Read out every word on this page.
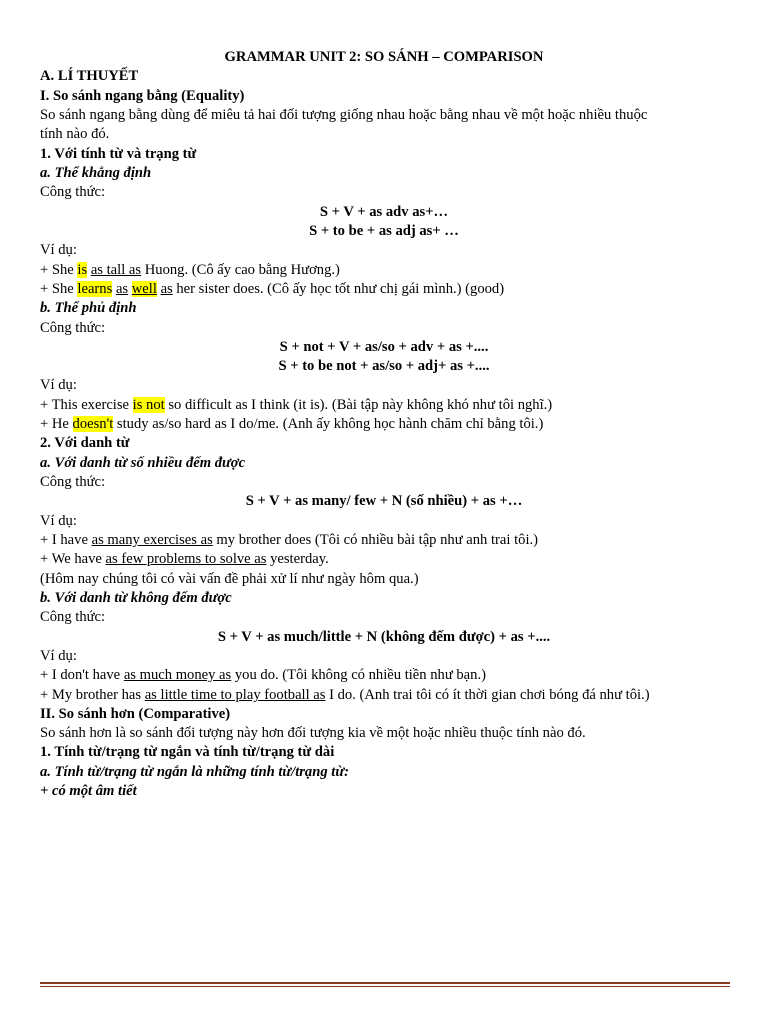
GRAMMAR UNIT 2: SO SÁNH – COMPARISON
A. LÍ THUYẾT
I. So sánh ngang bằng (Equality)
So sánh ngang bằng dùng để miêu tả hai đối tượng giống nhau hoặc bằng nhau về một hoặc nhiều thuộc
tính nào đó.
1. Với tính từ và trạng từ
a. Thể khẳng định
Công thức:
S + V + as adv as+…
S + to be + as adj as+ …
Ví dụ:
+ She is as tall as Huong. (Cô ấy cao bằng Hương.)
+ She learns as well as her sister does. (Cô ấy học tốt như chị gái mình.) (good)
b. Thể phủ định
Công thức:
S + not + V + as/so + adv + as +....
S + to be not + as/so + adj+ as +....
Ví dụ:
+ This exercise is not so difficult as I think (it is). (Bài tập này không khó như tôi nghĩ.)
+ He doesn't study as/so hard as I do/me. (Anh ấy không học hành chăm chỉ bằng tôi.)
2. Với danh từ
a. Với danh từ số nhiều đếm được
Công thức:
S + V + as many/ few + N (số nhiều) + as +…
Ví dụ:
+ I have as many exercises as my brother does (Tôi có nhiều bài tập như anh trai tôi.)
+ We have as few problems to solve as yesterday.
(Hôm nay chúng tôi có vài vấn đề phải xử lí như ngày hôm qua.)
b. Với danh từ không đếm được
Công thức:
S + V + as much/little + N (không đếm được) + as +....
Ví dụ:
+ I don't have as much money as you do. (Tôi không có nhiều tiền như bạn.)
+ My brother has as little time to play football as I do. (Anh trai tôi có ít thời gian chơi bóng đá như tôi.)
II. So sánh hơn (Comparative)
So sánh hơn là so sánh đối tượng này hơn đối tượng kia về một hoặc nhiều thuộc tính nào đó.
1. Tính từ/trạng từ ngắn và tính từ/trạng từ dài
a. Tính từ/trạng từ ngắn là những tính từ/trạng từ:
+ có một âm tiết
